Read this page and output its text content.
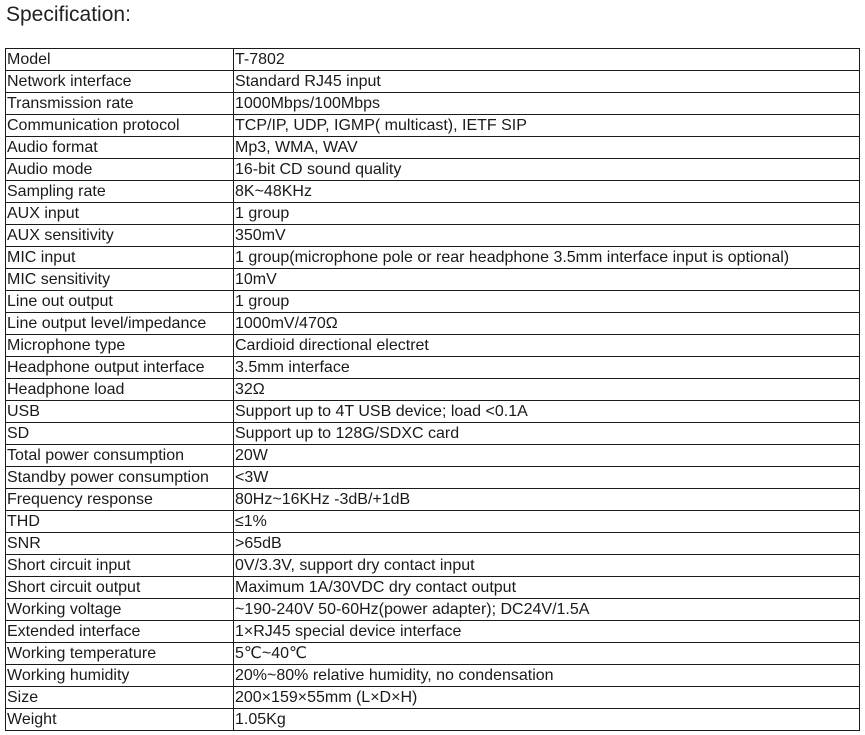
Specification:
Model	T-7802
Network interface	Standard RJ45 input
Transmission rate	1000Mbps/100Mbps
Communication protocol	TCP/IP, UDP, IGMP( multicast), IETF SIP
Audio format	Mp3, WMA, WAV
Audio mode	16-bit CD sound quality
Sampling rate	8K~48KHz
AUX input	1 group
AUX sensitivity	350mV
MIC input	1 group(microphone pole or rear headphone 3.5mm interface input is optional)
MIC sensitivity	10mV
Line out output	1 group
Line output level/impedance	1000mV/470Ω
Microphone type	Cardioid directional electret
Headphone output interface	3.5mm interface
Headphone load	32Ω
USB	Support up to 4T USB device; load <0.1A
SD	Support up to 128G/SDXC card
Total power consumption	20W
Standby power consumption	<3W
Frequency response	80Hz~16KHz -3dB/+1dB
THD	≤1%
SNR	>65dB
Short circuit input	0V/3.3V, support dry contact input
Short circuit output	Maximum 1A/30VDC dry contact output
Working voltage	~190-240V 50-60Hz(power adapter); DC24V/1.5A
Extended interface	1×RJ45 special device interface
Working temperature	5℃~40℃
Working humidity	20%~80% relative humidity, no condensation
Size	200×159×55mm (L×D×H)
Weight	1.05Kg
